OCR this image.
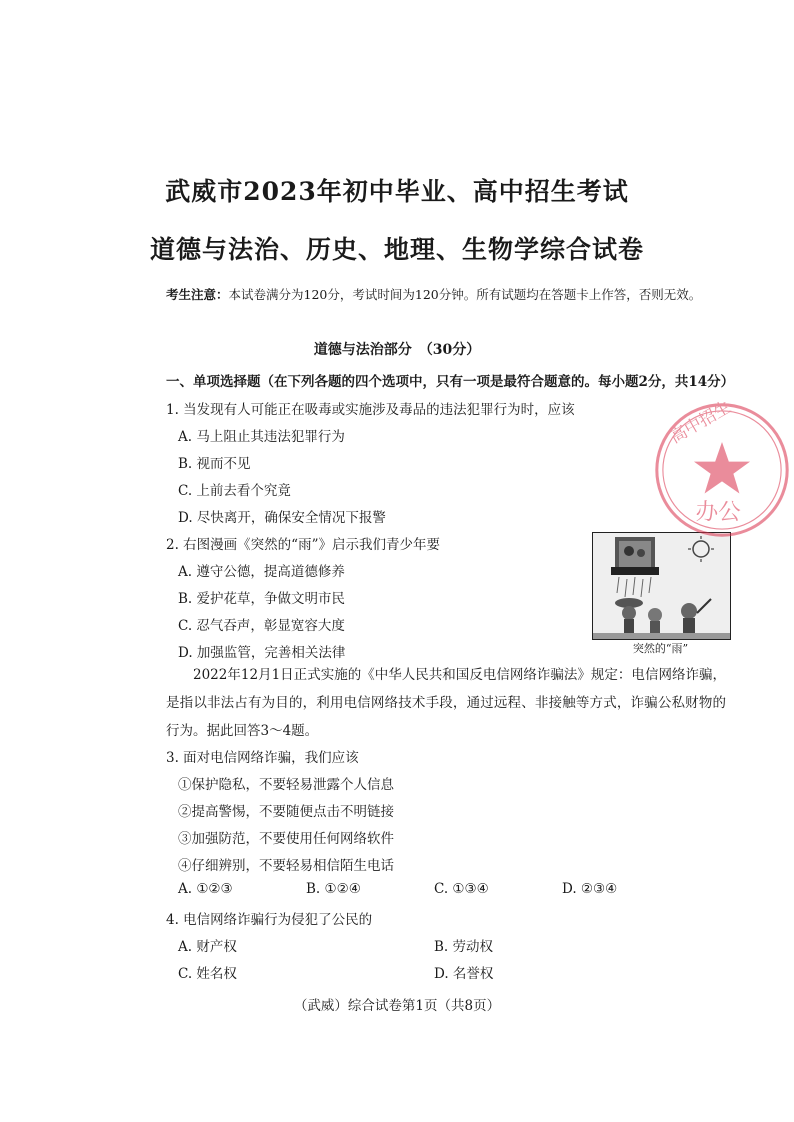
武威市2023年初中毕业、高中招生考试
道德与法治、历史、地理、生物学综合试卷
考生注意：本试卷满分为120分，考试时间为120分钟。所有试题均在答题卡上作答，否则无效。
道德与法治部分　（30分）
一、单项选择题（在下列各题的四个选项中，只有一项是最符合题意的。每小题2分，共14分）
1. 当发现有人可能正在吸毒或实施涉及毒品的违法犯罪行为时，应该
A. 马上阻止其违法犯罪行为
B. 视而不见
C. 上前去看个究竟
D. 尽快离开，确保安全情况下报警
2. 右图漫画《突然的“雨”》启示我们青少年要
A. 遵守公德，提高道德修养
B. 爱护花草，争做文明市民
C. 忍气吞声，彰显宽容大度
D. 加强监管，完善相关法律	突然的“雨”
2022年12月1日正式实施的《中华人民共和国反电信网络诈骗法》规定：电信网络诈骗，是指以非法占有为目的，利用电信网络技术手段，通过远程、非接触等方式，诈骗公私财物的行为。据此回答3～4题。
3. 面对电信网络诈骗，我们应该
①保护隐私，不要轻易泄露个人信息
②提高警惕，不要随便点击不明链接
③加强防范，不要使用任何网络软件
④仔细辨别，不要轻易相信陌生电话
A. ①②③	B. ①②④	C. ①③④	D. ②③④
4. 电信网络诈骗行为侵犯了公民的
A. 财产权	B. 劳动权
C. 姓名权	D. 名誉权
（武威）综合试卷第1页（共8页）
高中招生
办公
